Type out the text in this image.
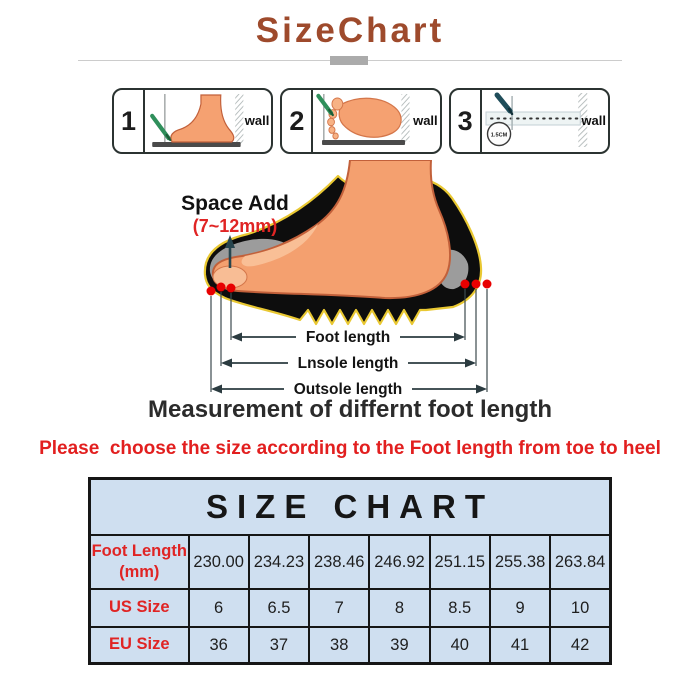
SizeChart
1	wall 2	wall 3
1.5CM
wall
Foot length
Lnsole length
Outsole length
Space Add
(7~12mm)
Measurement of differnt foot length
Please  choose the size according to the Foot length from toe to heel
SIZE CHART							

Foot Length
(mm)	230.00	234.23	238.46	246.92	251.15	255.38	263.84
US Size	6	6.5	7	8	8.5	9	10
EU Size	36	37	38	39	40	41	42
